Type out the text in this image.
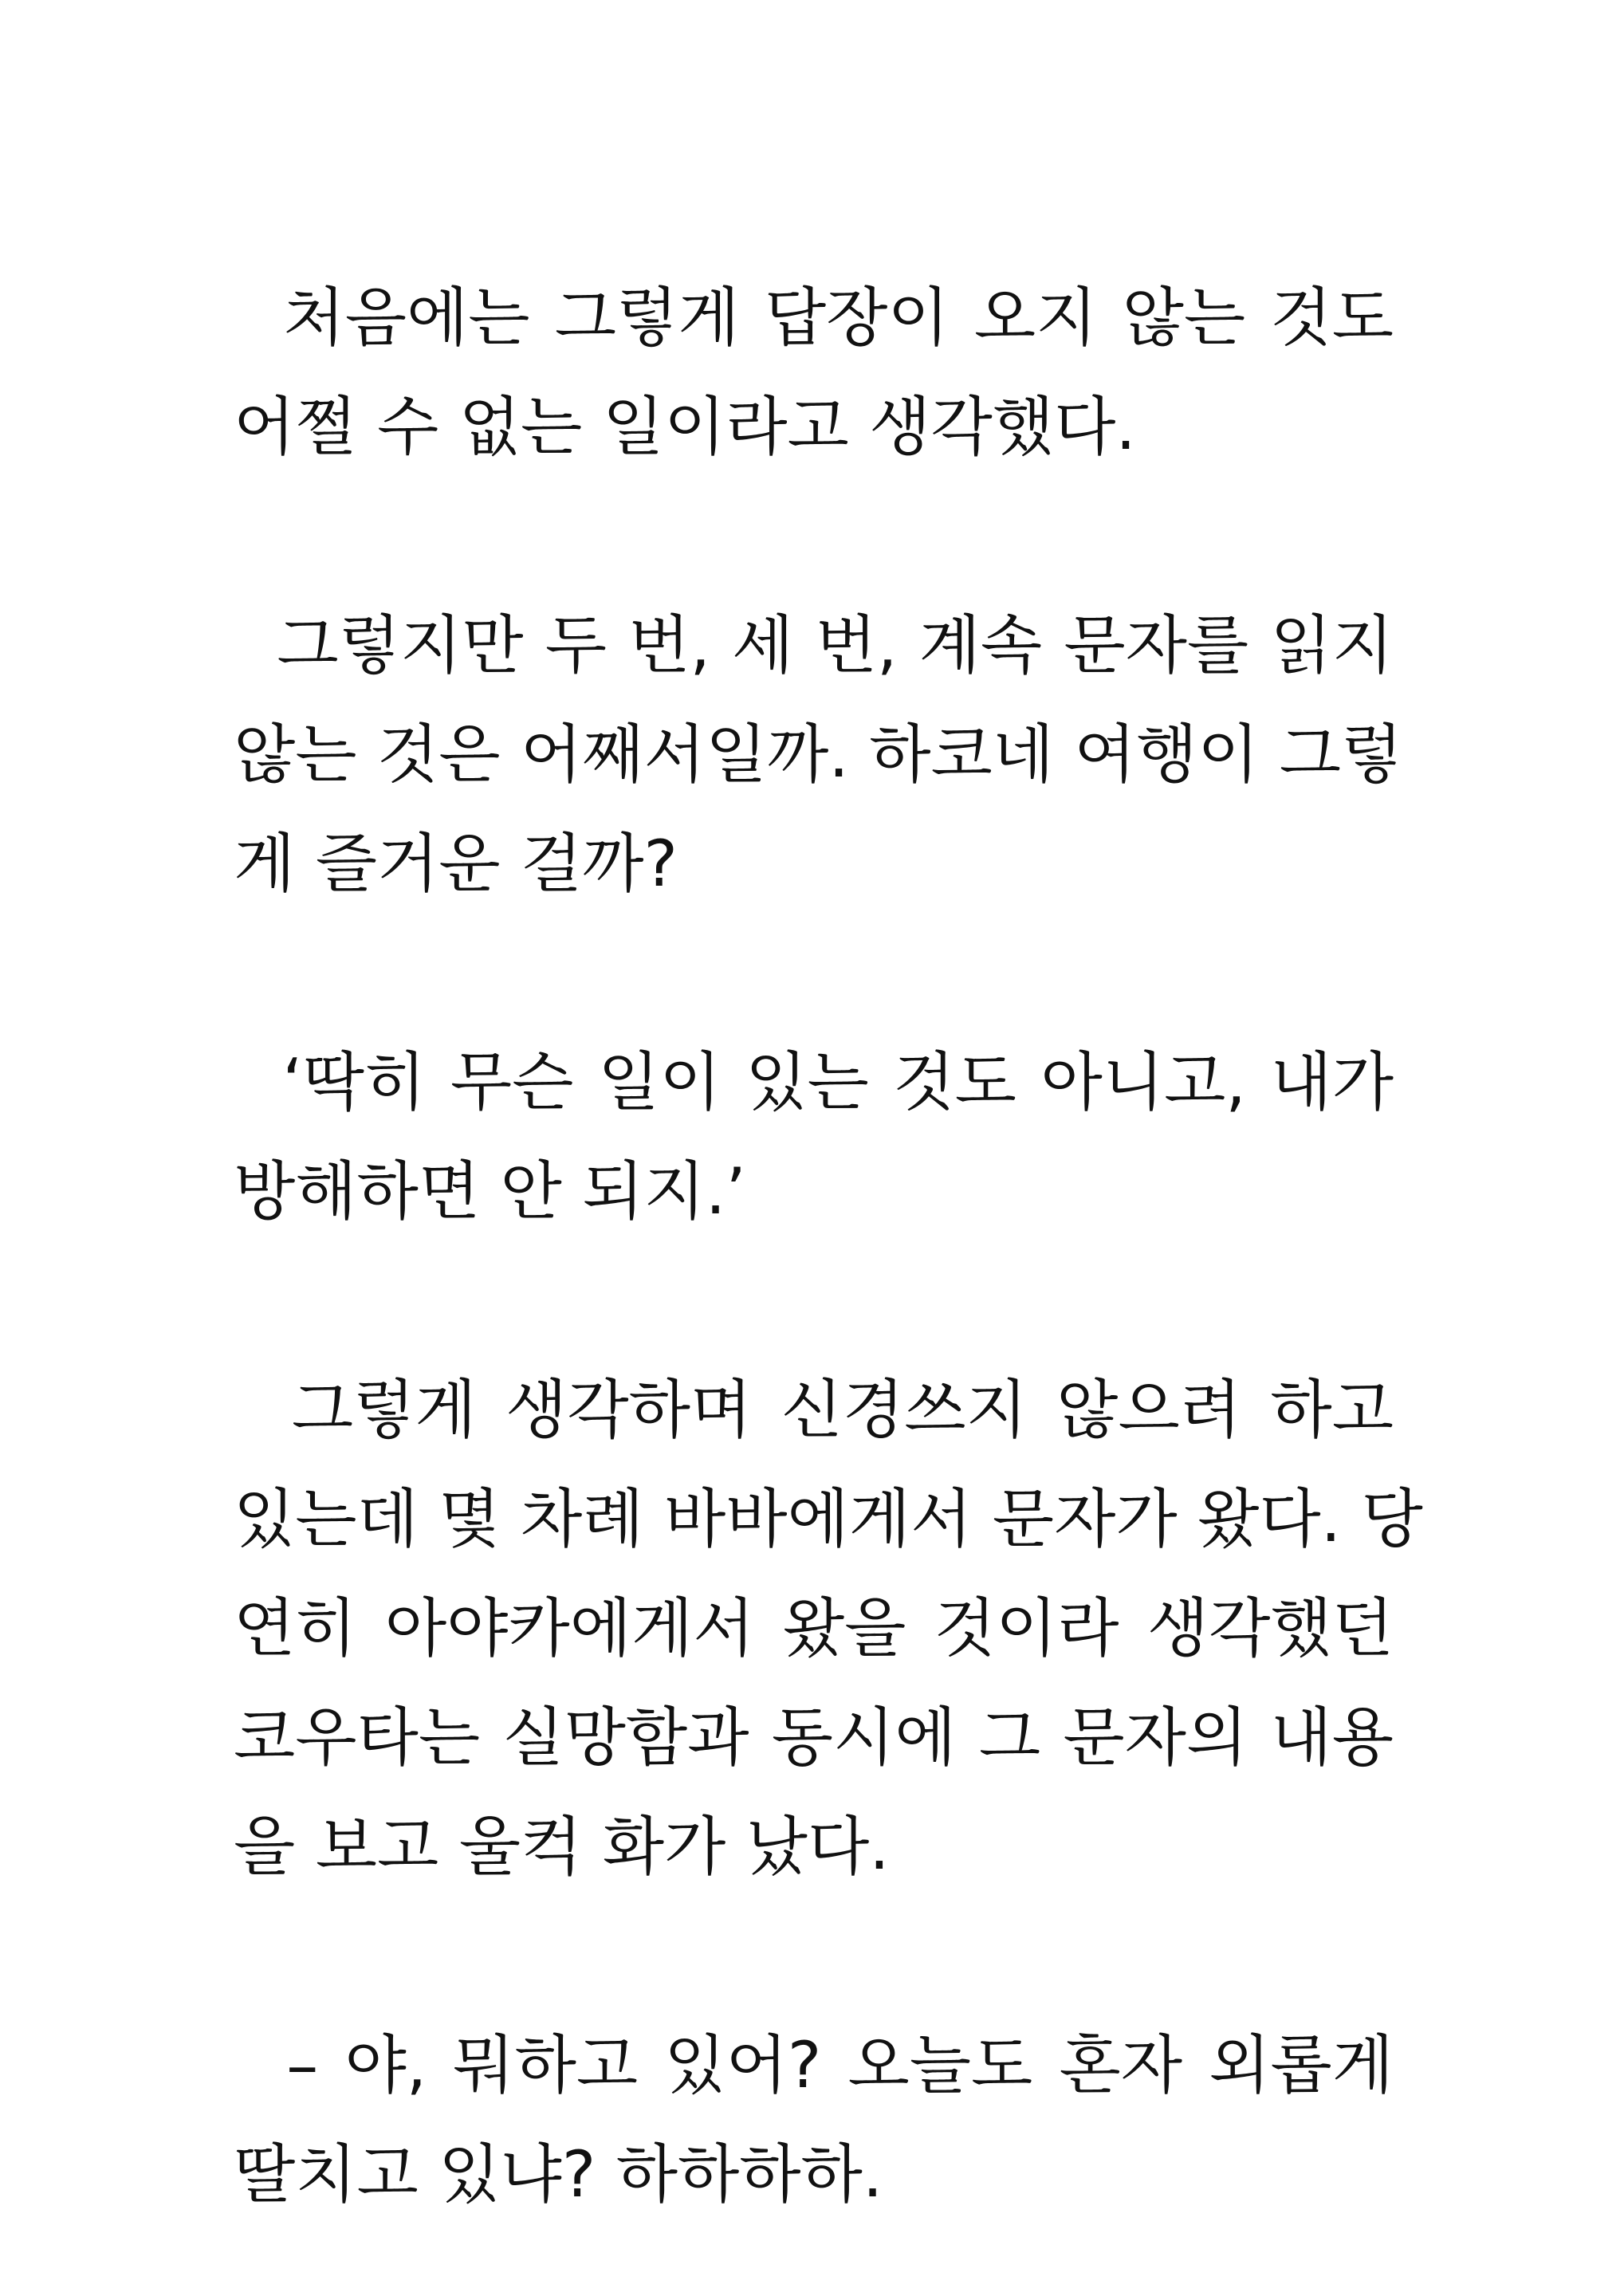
처음에는 그렇게 답장이 오지 않는 것도
어쩔 수 없는 일이라고 생각했다.
그렇지만 두 번, 세 번, 계속 문자를 읽지
않는 것은 어째서일까. 하코네 여행이 그렇
게 즐거운 걸까?
‘딱히 무슨 일이 있는 것도 아니고, 내가
방해하면 안 되지.’
그렇게 생각하며 신경쓰지 않으려 하고
있는데 몇 차례 바바에게서 문자가 왔다. 당
연히 아야카에게서 왔을 것이라 생각했던
코우타는 실망함과 동시에 그 문자의 내용
을 보고 울컥 화가 났다.
– 야, 뭐하고 있어? 오늘도 혼자 외롭게
딸치고 있냐? 하하하하.
